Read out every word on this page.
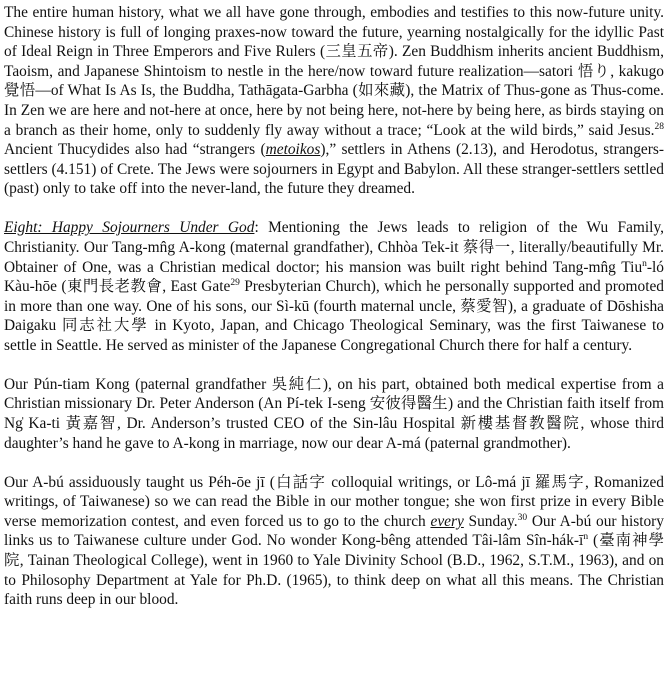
The entire human history, what we all have gone through, embodies and testifies to this now-future unity. Chinese history is full of longing praxes-now toward the future, yearning nostalgically for the idyllic Past of Ideal Reign in Three Emperors and Five Rulers (三皇五帝). Zen Buddhism inherits ancient Buddhism, Taoism, and Japanese Shintoism to nestle in the here/now toward future realization—satori 悟り, kakugo 覺悟—of What Is As Is, the Buddha, Tathāgata-Garbha (如來藏), the Matrix of Thus-gone as Thus-come. In Zen we are here and not-here at once, here by not being here, not-here by being here, as birds staying on a branch as their home, only to suddenly fly away without a trace; “Look at the wild birds,” said Jesus.$^{28}$ Ancient Thucydides also had “strangers (metoikos),” settlers in Athens (2.13), and Herodotus, strangers-settlers (4.151) of Crete. The Jews were sojourners in Egypt and Babylon. All these stranger-settlers settled (past) only to take off into the never-land, the future they dreamed.

Eight: Happy Sojourners Under God: Mentioning the Jews leads to religion of the Wu Family, Christianity. Our Tang-mn̂g A-kong (maternal grandfather), Chhòa Tek-it 蔡得一, literally/beautifully Mr. Obtainer of One, was a Christian medical doctor; his mansion was built right behind Tang-mn̂g Tiu$^n$-ló Kàu-hōe (東門長老教會, East Gate$^{29}$ Presbyterian Church), which he personally supported and promoted in more than one way. One of his sons, our Sì-kū (fourth maternal uncle, 蔡愛智), a graduate of Dōshisha Daigaku 同志社大學 in Kyoto, Japan, and Chicago Theological Seminary, was the first Taiwanese to settle in Seattle. He served as minister of the Japanese Congregational Church there for half a century.

Our Pún-tiam Kong (paternal grandfather 吳純仁), on his part, obtained both medical expertise from a Christian missionary Dr. Peter Anderson (An Pí-tek I-seng 安彼得醫生) and the Christian faith itself from Ng̍ Ka-ti 黃嘉智, Dr. Anderson’s trusted CEO of the Sin-lâu Hospital 新樓基督教醫院, whose third daughter’s hand he gave to A-kong in marriage, now our dear A-má (paternal grandmother).

Our A-bú assiduously taught us Péh-ōe jī (白話字 colloquial writings, or Lô-má jī 羅馬字, Romanized writings, of Taiwanese) so we can read the Bible in our mother tongue; she won first prize in every Bible verse memorization contest, and even forced us to go to the church every Sunday.$^{30}$ Our A-bú our history links us to Taiwanese culture under God. No wonder Kong-bêng attended Tâi-lâm Sîn-$hák-ī^n$ (臺南神學院, Tainan Theological College), went in 1960 to Yale Divinity School (B.D., 1962, S.T.M., 1963), and on to Philosophy Department at Yale for Ph.D. (1965), to think deep on what all this means. The Christian faith runs deep in our blood.
